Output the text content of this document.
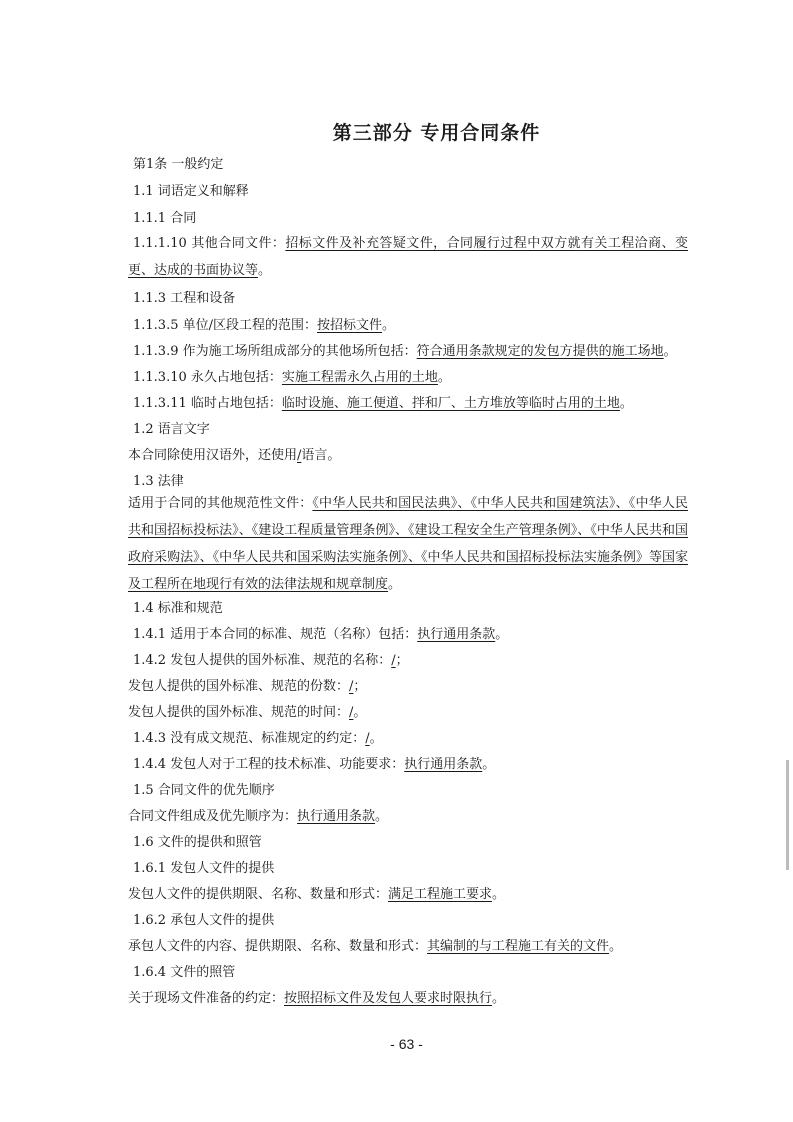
第三部分 专用合同条件
第1条 一般约定
1.1 词语定义和解释
1.1.1 合同
1.1.1.10 其他合同文件：招标文件及补充答疑文件，合同履行过程中双方就有关工程洽商、变更、达成的书面协议等。
1.1.3 工程和设备
1.1.3.5 单位/区段工程的范围：按招标文件。
1.1.3.9 作为施工场所组成部分的其他场所包括：符合通用条款规定的发包方提供的施工场地。
1.1.3.10 永久占地包括：实施工程需永久占用的土地。
1.1.3.11 临时占地包括：临时设施、施工便道、拌和厂、土方堆放等临时占用的土地。
1.2 语言文字
本合同除使用汉语外，还使用/语言。
1.3 法律
适用于合同的其他规范性文件：《中华人民共和国民法典》、《中华人民共和国建筑法》、《中华人民共和国招标投标法》、《建设工程质量管理条例》、《建设工程安全生产管理条例》、《中华人民共和国政府采购法》、《中华人民共和国采购法实施条例》、《中华人民共和国招标投标法实施条例》等国家及工程所在地现行有效的法律法规和规章制度。
1.4 标准和规范
1.4.1 适用于本合同的标准、规范（名称）包括：执行通用条款。
1.4.2 发包人提供的国外标准、规范的名称：/；
发包人提供的国外标准、规范的份数：/；
发包人提供的国外标准、规范的时间：/。
1.4.3 没有成文规范、标准规定的约定：/。
1.4.4 发包人对于工程的技术标准、功能要求：执行通用条款。
1.5 合同文件的优先顺序
合同文件组成及优先顺序为：执行通用条款。
1.6 文件的提供和照管
1.6.1 发包人文件的提供
发包人文件的提供期限、名称、数量和形式：满足工程施工要求。
1.6.2 承包人文件的提供
承包人文件的内容、提供期限、名称、数量和形式：其编制的与工程施工有关的文件。
1.6.4 文件的照管
关于现场文件准备的约定：按照招标文件及发包人要求时限执行。
- 63 -
